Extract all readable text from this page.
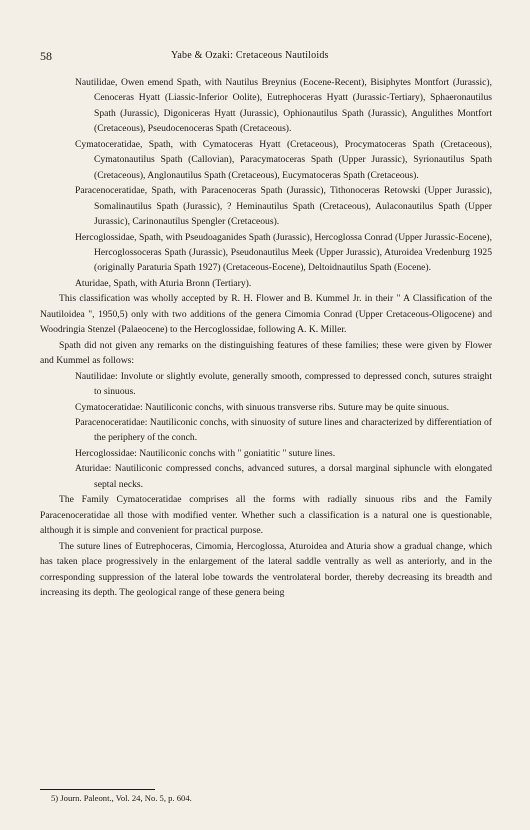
58	Yabe & Ozaki: Cretaceous Nautiloids

Nautilidae, Owen emend Spath, with Nautilus Breynius (Eocene-Recent), Bisiphytes Montfort (Jurassic), Cenoceras Hyatt (Liassic-Inferior Oolite), Eutrephoceras Hyatt (Jurassic-Tertiary), Sphaeronautilus Spath (Jurassic), Digoniceras Hyatt (Jurassic), Ophionautilus Spath (Jurassic), Angulithes Montfort (Cretaceous), Pseudocenoceras Spath (Cretaceous).

Cymatoceratidae, Spath, with Cymatoceras Hyatt (Cretaceous), Procymatoceras Spath (Cretaceous), Cymatonautilus Spath (Callovian), Paracymatoceras Spath (Upper Jurassic), Syrionautilus Spath (Cretaceous), Anglonautilus Spath (Cretaceous), Eucymatoceras Spath (Cretaceous).

Paracenoceratidae, Spath, with Paracenoceras Spath (Jurassic), Tithonoceras Retowski (Upper Jurassic), Somalinautilus Spath (Jurassic), ? Heminautilus Spath (Cretaceous), Aulaconautilus Spath (Upper Jurassic), Carinonautilus Spengler (Cretaceous).

Hercoglossidae, Spath, with Pseudoaganides Spath (Jurassic), Hercoglossa Conrad (Upper Jurassic-Eocene), Hercoglossoceras Spath (Jurassic), Pseudonautilus Meek (Upper Jurassic), Aturoidea Vredenburg 1925 (originally Paraturia Spath 1927) (Cretaceous-Eocene), Deltoidnautilus Spath (Eocene).

Aturidae, Spath, with Aturia Bronn (Tertiary).

This classification was wholly accepted by R. H. Flower and B. Kummel Jr. in their " A Classification of the Nautiloidea ", 1950,5) only with two additions of the genera Cimomia Conrad (Upper Cretaceous-Oligocene) and Woodringia Stenzel (Palaeocene) to the Hercoglossidae, following A. K. Miller.

Spath did not given any remarks on the distinguishing features of these families; these were given by Flower and Kummel as follows:

Nautilidae: Involute or slightly evolute, generally smooth, compressed to depressed conch, sutures straight to sinuous.

Cymatoceratidae: Nautiliconic conchs, with sinuous transverse ribs. Suture may be quite sinuous.

Paracenoceratidae: Nautiliconic conchs, with sinuosity of suture lines and characterized by differentiation of the periphery of the conch.

Hercoglossidae: Nautiliconic conchs with " goniatitic " suture lines.

Aturidae: Nautiliconic compressed conchs, advanced sutures, a dorsal marginal siphuncle with elongated septal necks.

The Family Cymatoceratidae comprises all the forms with radially sinuous ribs and the Family Paracenoceratidae all those with modified venter. Whether such a classification is a natural one is questionable, although it is simple and convenient for practical purpose.

The suture lines of Eutrephoceras, Cimomia, Hercoglossa, Aturoidea and Aturia show a gradual change, which has taken place progressively in the enlargement of the lateral saddle ventrally as well as anteriorly, and in the corresponding suppression of the lateral lobe towards the ventrolateral border, thereby decreasing its breadth and increasing its depth. The geological range of these genera being

5) Journ. Paleont., Vol. 24, No. 5, p. 604.
